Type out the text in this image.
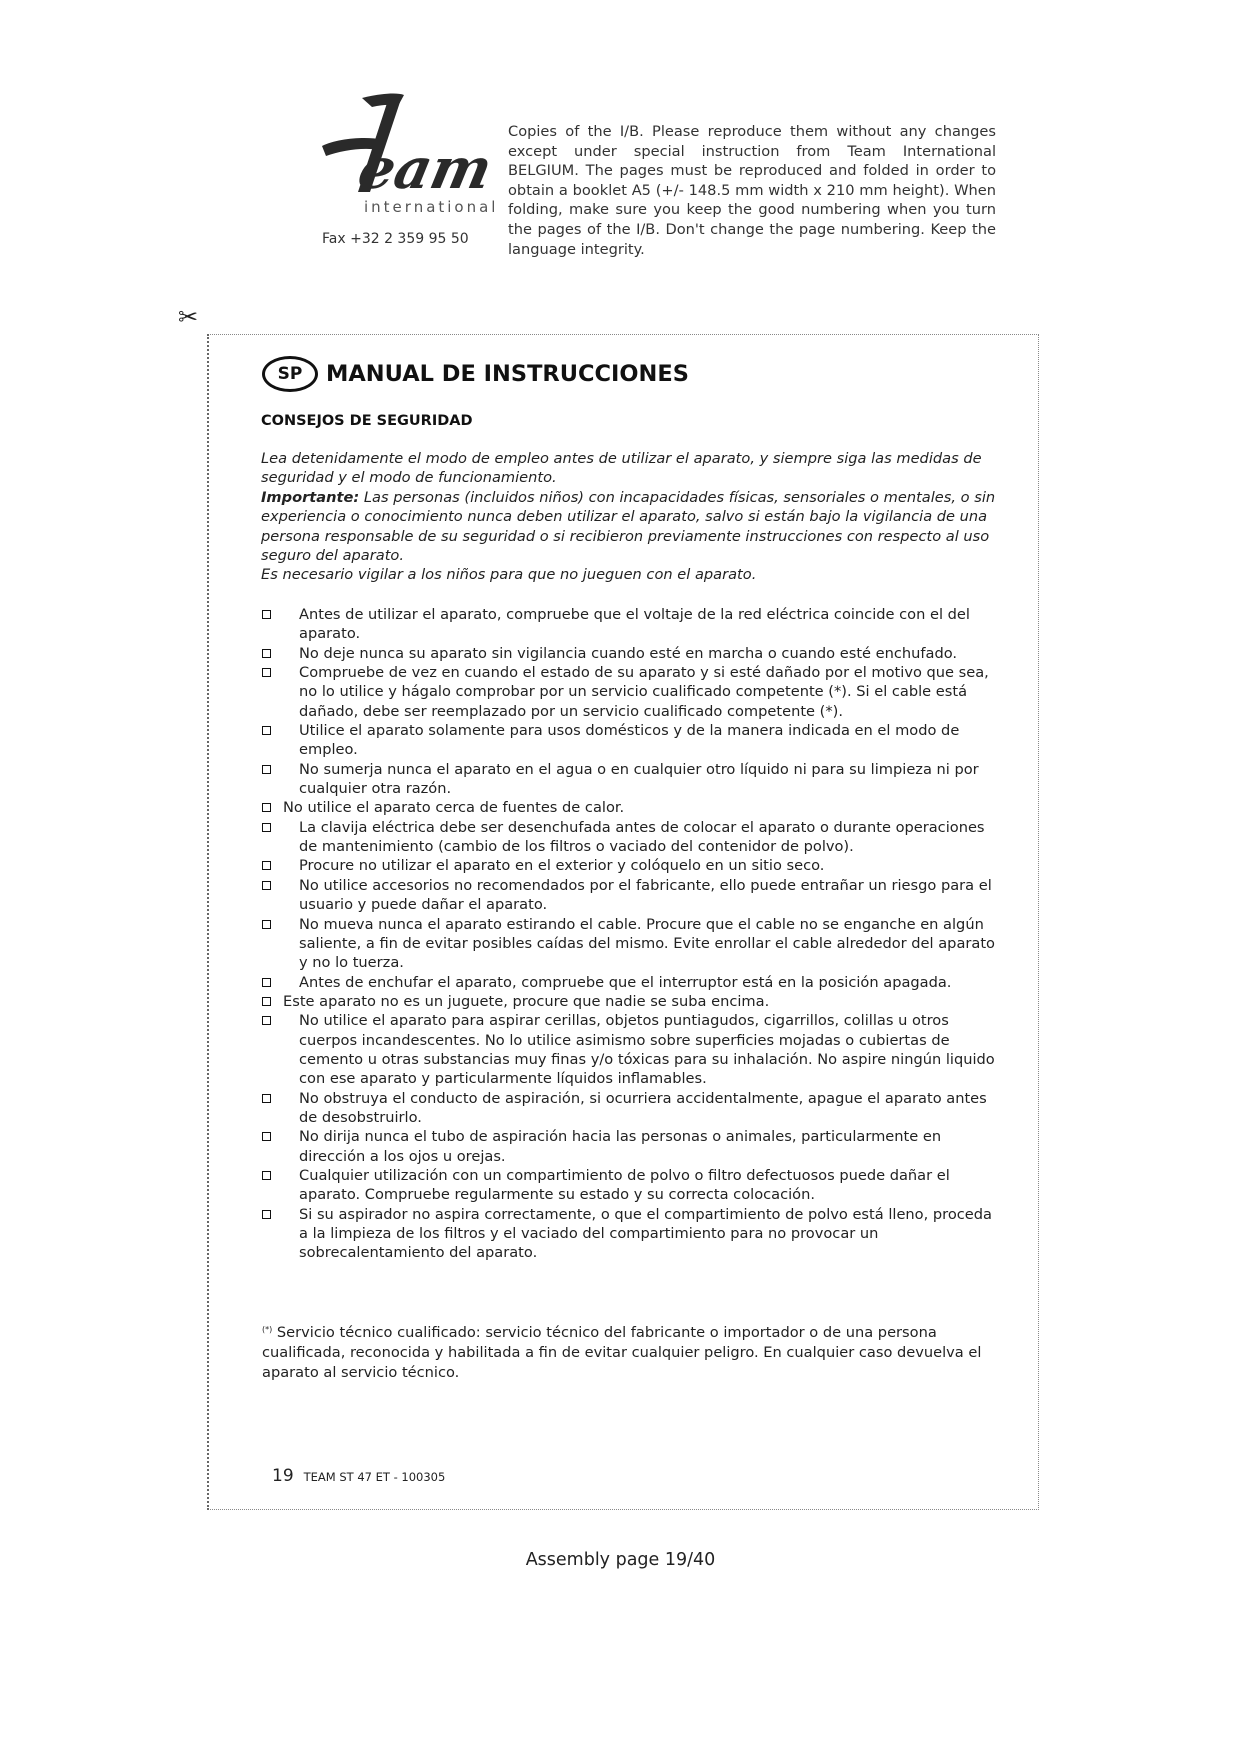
eam
international
Fax +32 2 359 95 50
Copies of the I/B. Please reproduce them without any changes except under special instruction from Team International BELGIUM. The pages must be reproduced and folded in order to obtain a booklet A5 (+/- 148.5 mm width x 210 mm height). When folding, make sure you keep the good numbering when you turn the pages of the I/B. Don't change the page numbering. Keep the language integrity.
✂
SP	MANUAL DE INSTRUCCIONES
CONSEJOS DE SEGURIDAD

Lea detenidamente el modo de empleo antes de utilizar el aparato, y siempre siga las medidas de seguridad y el modo de funcionamiento.

Importante: Las personas (incluidos niños) con incapacidades físicas, sensoriales o mentales, o sin experiencia o conocimiento nunca deben utilizar el aparato, salvo si están bajo la vigilancia de una persona responsable de su seguridad o si recibieron previamente instrucciones con respecto al uso seguro del aparato.

Es necesario vigilar a los niños para que no jueguen con el aparato.

Antes de utilizar el aparato, compruebe que el voltaje de la red eléctrica coincide con el del aparato.
No deje nunca su aparato sin vigilancia cuando esté en marcha o cuando esté enchufado.
Compruebe de vez en cuando el estado de su aparato y si esté dañado por el motivo que sea, no lo utilice y hágalo comprobar por un servicio cualificado competente (*). Si el cable está dañado, debe ser reemplazado por un servicio cualificado competente (*).
Utilice el aparato solamente para usos domésticos y de la manera indicada en el modo de empleo.
No sumerja nunca el aparato en el agua o en cualquier otro líquido ni para su limpieza ni por cualquier otra razón.
No utilice el aparato cerca de fuentes de calor.
La clavija eléctrica debe ser desenchufada antes de colocar el aparato o durante operaciones de mantenimiento (cambio de los filtros o vaciado del contenidor de polvo).
Procure no utilizar el aparato en el exterior y colóquelo en un sitio seco.
No utilice accesorios no recomendados por el fabricante, ello puede entrañar un riesgo para el usuario y puede dañar el aparato.
No mueva nunca el aparato estirando el cable. Procure que el cable no se enganche en algún saliente, a fin de evitar posibles caídas del mismo. Evite enrollar el cable alrededor del aparato y no lo tuerza.
Antes de enchufar el aparato, compruebe que el interruptor está en la posición apagada.
Este aparato no es un juguete, procure que nadie se suba encima.
No utilice el aparato para aspirar cerillas, objetos puntiagudos, cigarrillos, colillas u otros cuerpos incandescentes. No lo utilice asimismo sobre superficies mojadas o cubiertas de cemento u otras substancias muy finas y/o tóxicas para su inhalación. No aspire ningún liquido con ese aparato y particularmente líquidos inflamables.
No obstruya el conducto de aspiración, si ocurriera accidentalmente, apague el aparato antes de desobstruirlo.
No dirija nunca el tubo de aspiración hacia las personas o animales, particularmente en dirección a los ojos u orejas.
Cualquier utilización con un compartimiento de polvo o filtro defectuosos puede dañar el aparato. Compruebe regularmente su estado y su correcta colocación.
Si su aspirador no aspira correctamente, o que el compartimiento de polvo está lleno, proceda a la limpieza de los filtros y el vaciado del compartimiento para no provocar un sobrecalentamiento del aparato.
(*) Servicio técnico cualificado: servicio técnico del fabricante o importador o de una persona cualificada, reconocida y habilitada a fin de evitar cualquier peligro. En cualquier caso devuelva el aparato al servicio técnico.
19 TEAM ST 47 ET - 100305
Assembly page 19/40
